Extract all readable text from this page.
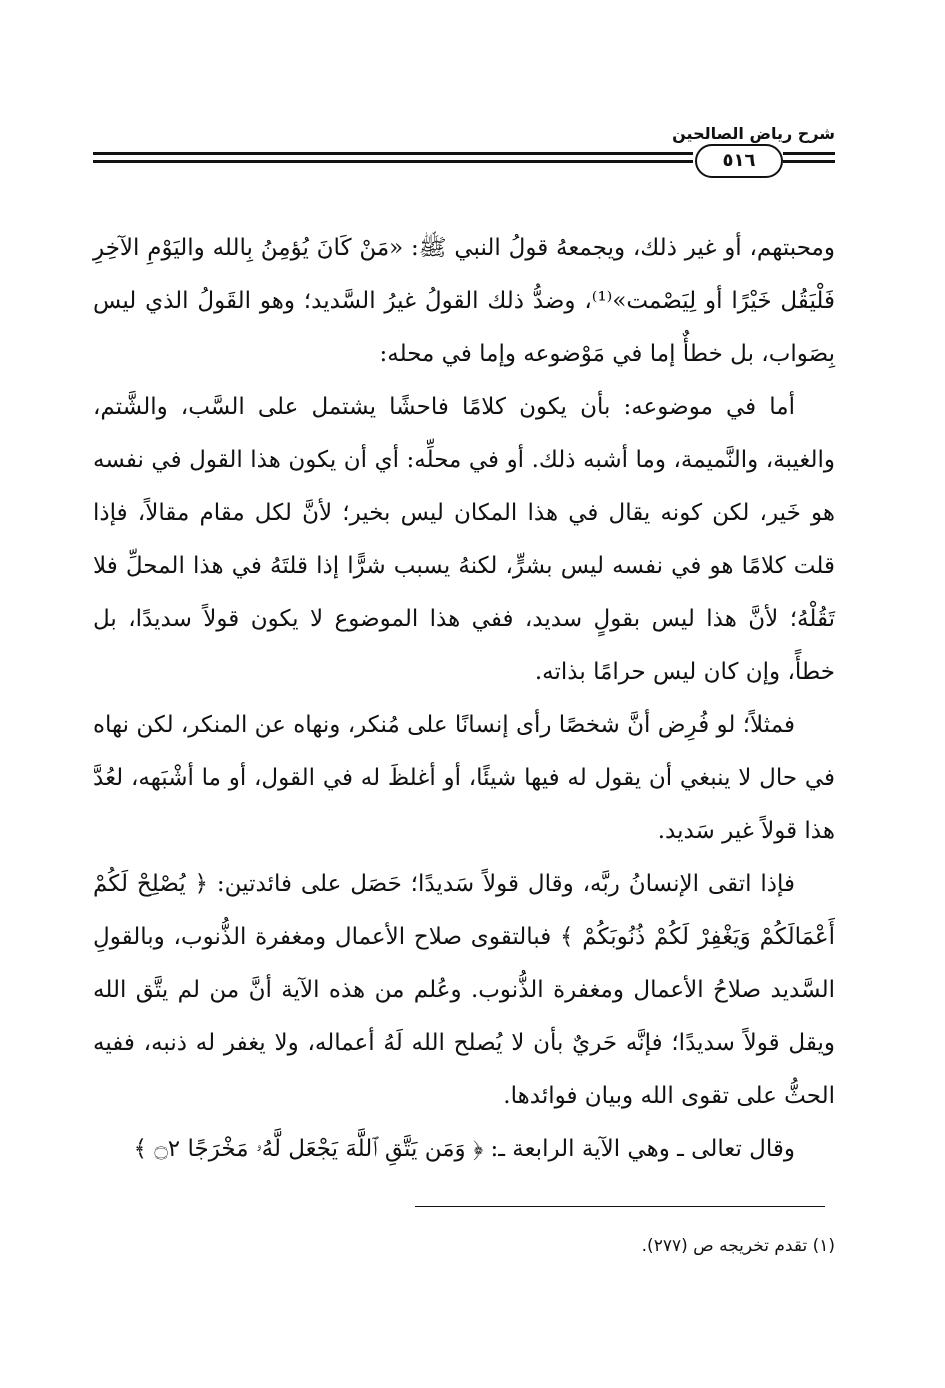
شرح رياض الصالحين
٥١٦

ومحبتهم، أو غير ذلك، ويجمعهُ قولُ النبي ﷺ: «مَنْ كَانَ يُؤمِنُ بِالله واليَوْمِ الآخِرِ فَلْيَقُل خَيْرًا أو لِيَصْمت»⁽¹⁾، وضدُّ ذلك القولُ غيرُ السَّديد؛ وهو القَولُ الذي ليس بِصَواب، بل خطأٌ إما في مَوْضوعه وإما في محله:

أما في موضوعه: بأن يكون كلامًا فاحشًا يشتمل على السَّب، والشَّتم، والغيبة، والنَّميمة، وما أشبه ذلك. أو في محلِّه: أي أن يكون هذا القول في نفسه هو خَير، لكن كونه يقال في هذا المكان ليس بخير؛ لأنَّ لكل مقام مقالاً، فإذا قلت كلامًا هو في نفسه ليس بشرٍّ، لكنهُ يسبب شرًّا إذا قلتَهُ في هذا المحلِّ فلا تَقُلْهُ؛ لأنَّ هذا ليس بقولٍ سديد، ففي هذا الموضوع لا يكون قولاً سديدًا، بل خطأً، وإن كان ليس حرامًا بذاته.

فمثلاً؛ لو فُرِض أنَّ شخصًا رأى إنسانًا على مُنكر، ونهاه عن المنكر، لكن نهاه في حال لا ينبغي أن يقول له فيها شيئًا، أو أغلظَ له في القول، أو ما أشْبَهه، لعُدَّ هذا قولاً غير سَديد.

فإذا اتقى الإنسانُ ربَّه، وقال قولاً سَديدًا؛ حَصَل على فائدتين: ﴿ يُصْلِحْ لَكُمْ أَعْمَالَكُمْ وَيَغْفِرْ لَكُمْ ذُنُوبَكُمْ ﴾ فبالتقوى صلاح الأعمال ومغفرة الذُّنوب، وبالقولِ السَّديد صلاحُ الأعمال ومغفرة الذُّنوب. وعُلم من هذه الآية أنَّ من لم يتَّق الله ويقل قولاً سديدًا؛ فإنَّه حَريٌ بأن لا يُصلح الله لَهُ أعماله، ولا يغفر له ذنبه، ففيه الحثُّ على تقوى الله وبيان فوائدها.

وقال تعالى ـ وهي الآية الرابعة ـ: ﴿ وَمَن يَتَّقِ ٱللَّهَ يَجْعَل لَّهُۥ مَخْرَجًا ۝٢ ﴾

(١) تقدم تخريجه ص (٢٧٧).
